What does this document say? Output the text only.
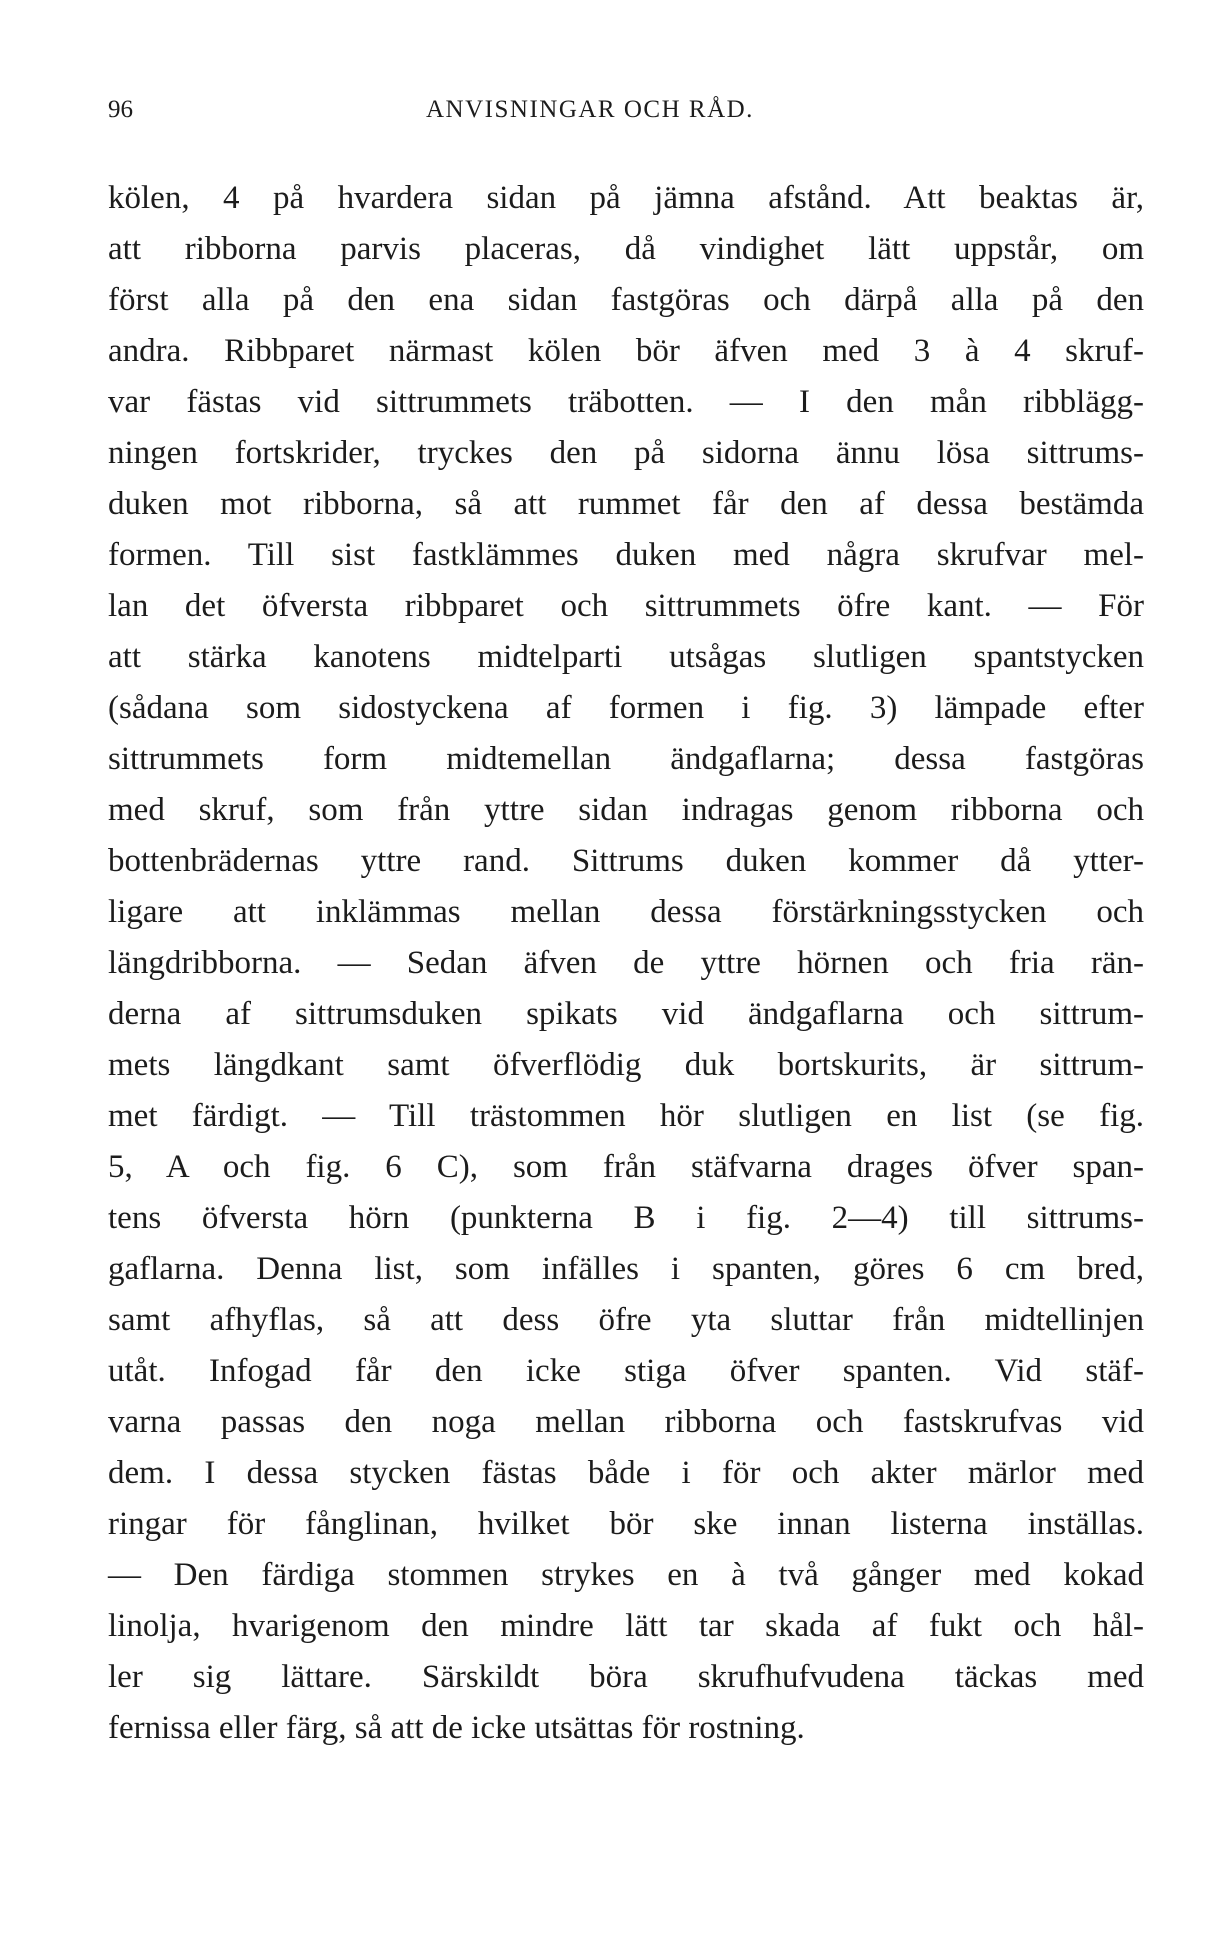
96	ANVISNINGAR OCH RÅD.
kölen, 4 på hvardera sidan på jämna afstånd. Att beaktas är,
att ribborna parvis placeras, då vindighet lätt uppstår, om
först alla på den ena sidan fastgöras och därpå alla på den
andra. Ribbparet närmast kölen bör äfven med 3 à 4 skruf-
var fästas vid sittrummets träbotten. — I den mån ribblägg-
ningen fortskrider, tryckes den på sidorna ännu lösa sittrums-
duken mot ribborna, så att rummet får den af dessa bestämda
formen. Till sist fastklämmes duken med några skrufvar mel-
lan det öfversta ribbparet och sittrummets öfre kant. — För
att stärka kanotens midtelparti utsågas slutligen spantstycken
(sådana som sidostyckena af formen i fig. 3) lämpade efter
sittrummets form midtemellan ändgaflarna; dessa fastgöras
med skruf, som från yttre sidan indragas genom ribborna och
bottenbrädernas yttre rand. Sittrums duken kommer då ytter-
ligare att inklämmas mellan dessa förstärkningsstycken och
längdribborna. — Sedan äfven de yttre hörnen och fria rän-
derna af sittrumsduken spikats vid ändgaflarna och sittrum-
mets längdkant samt öfverflödig duk bortskurits, är sittrum-
met färdigt. — Till trästommen hör slutligen en list (se fig.
5, A och fig. 6 C), som från stäfvarna drages öfver span-
tens öfversta hörn (punkterna B i fig. 2—4) till sittrums-
gaflarna. Denna list, som infälles i spanten, göres 6 cm bred,
samt afhyflas, så att dess öfre yta sluttar från midtellinjen
utåt. Infogad får den icke stiga öfver spanten. Vid stäf-
varna passas den noga mellan ribborna och fastskrufvas vid
dem. I dessa stycken fästas både i för och akter märlor med
ringar för fånglinan, hvilket bör ske innan listerna inställas.
— Den färdiga stommen strykes en à två gånger med kokad
linolja, hvarigenom den mindre lätt tar skada af fukt och hål-
ler sig lättare. Särskildt böra skrufhufvudena täckas med
fernissa eller färg, så att de icke utsättas för rostning.
